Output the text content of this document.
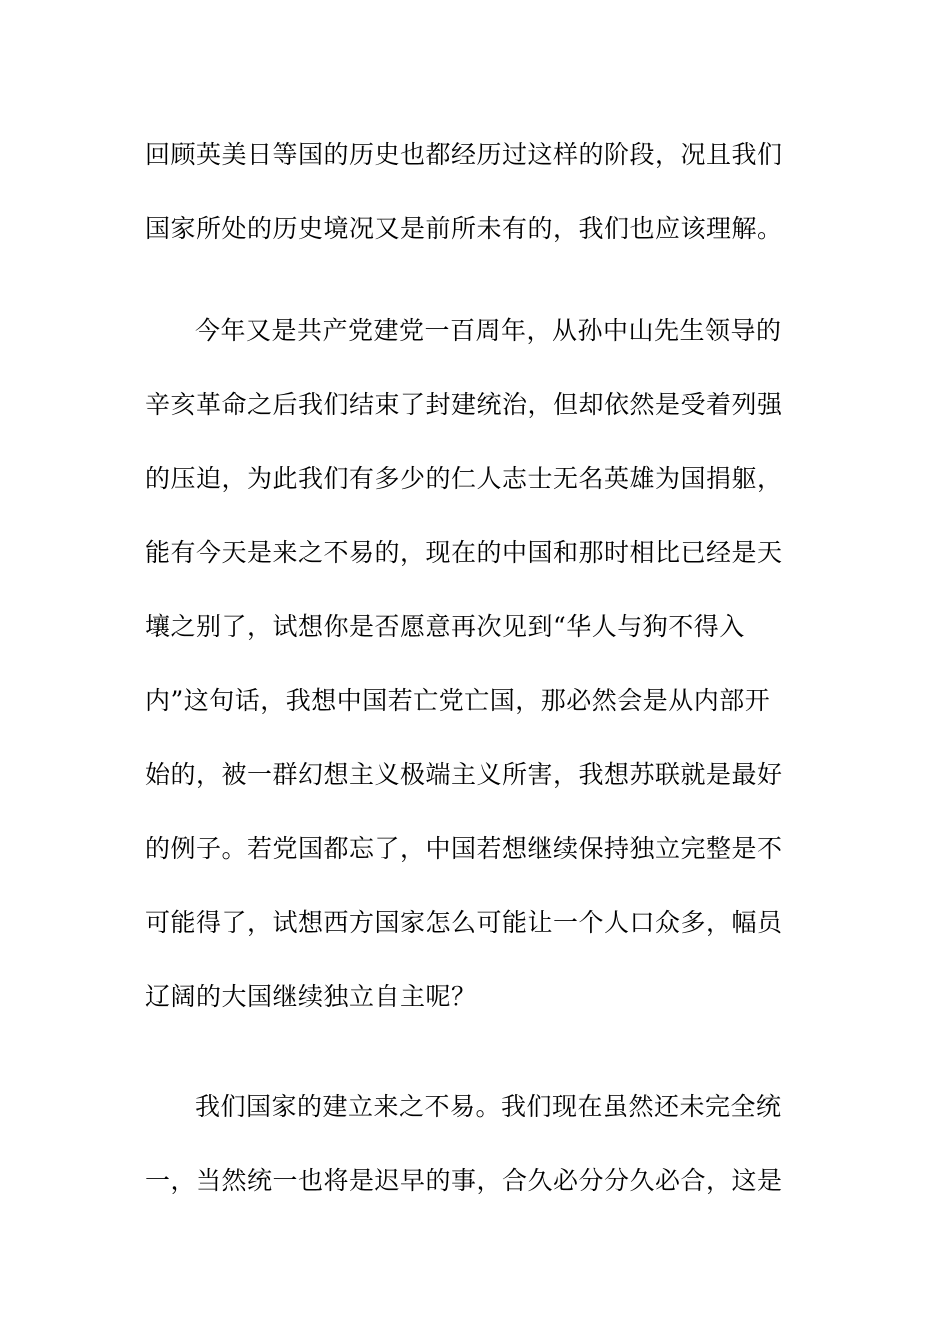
回顾英美日等国的历史也都经历过这样的阶段，况且我们
国家所处的历史境况又是前所未有的，我们也应该理解。
今年又是共产党建党一百周年，从孙中山先生领导的
辛亥革命之后我们结束了封建统治，但却依然是受着列强
的压迫，为此我们有多少的仁人志士无名英雄为国捐躯，
能有今天是来之不易的，现在的中国和那时相比已经是天
壤之别了，试想你是否愿意再次见到“华人与狗不得入
内”这句话，我想中国若亡党亡国，那必然会是从内部开
始的，被一群幻想主义极端主义所害，我想苏联就是最好
的例子。若党国都忘了，中国若想继续保持独立完整是不
可能得了，试想西方国家怎么可能让一个人口众多，幅员
辽阔的大国继续独立自主呢？
我们国家的建立来之不易。我们现在虽然还未完全统
一，当然统一也将是迟早的事，合久必分分久必合，这是
